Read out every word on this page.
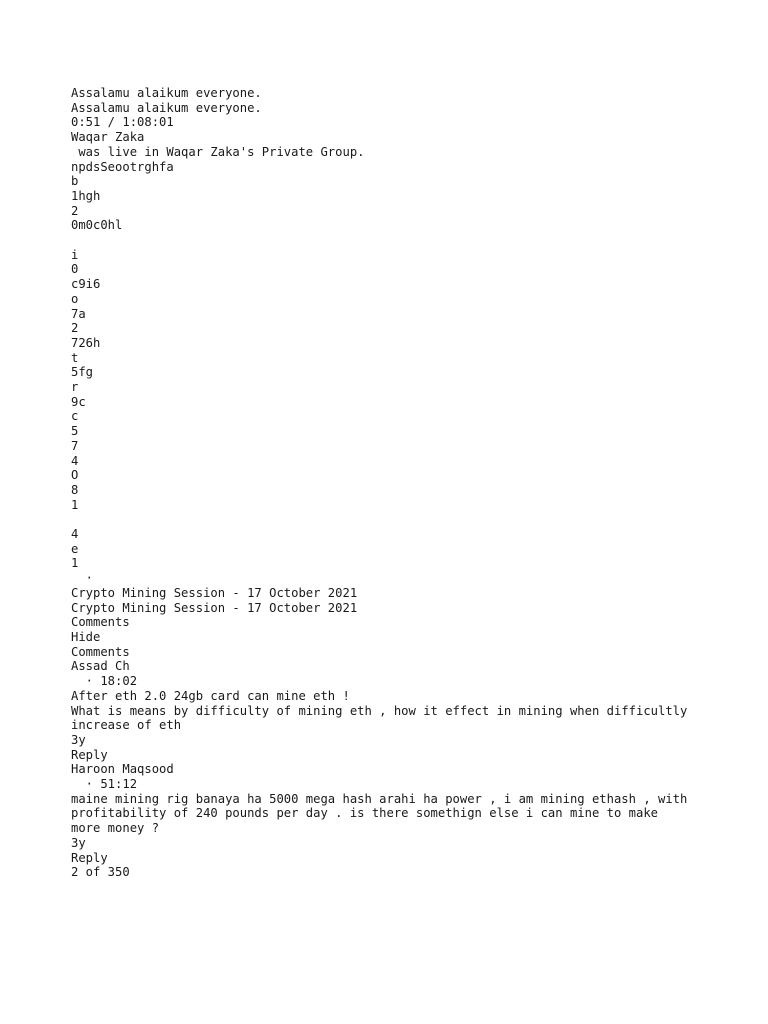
Assalamu alaikum everyone.
Assalamu alaikum everyone.
0:51 / 1:08:01
Waqar Zaka
was live in Waqar Zaka's Private Group.
npdsSeootrghfa
b
1hgh
2
0m0c0hl
i
0
c9i6
o
7a
2
726h
t
5fg
r
9c
c
5
7
4
O
8
1
4
e
1
·
Crypto Mining Session - 17 October 2021
Crypto Mining Session - 17 October 2021
Comments
Hide
Comments
Assad Ch
· 18:02
After eth 2.0 24gb card can mine eth !
What is means by difficulty of mining eth , how it effect in mining when difficultly increase of eth
3y
Reply
Haroon Maqsood
· 51:12
maine mining rig banaya ha 5000 mega hash arahi ha power , i am mining ethash , with profitability of 240 pounds per day . is there somethign else i can mine to make more money ?
3y
Reply
2 of 350
